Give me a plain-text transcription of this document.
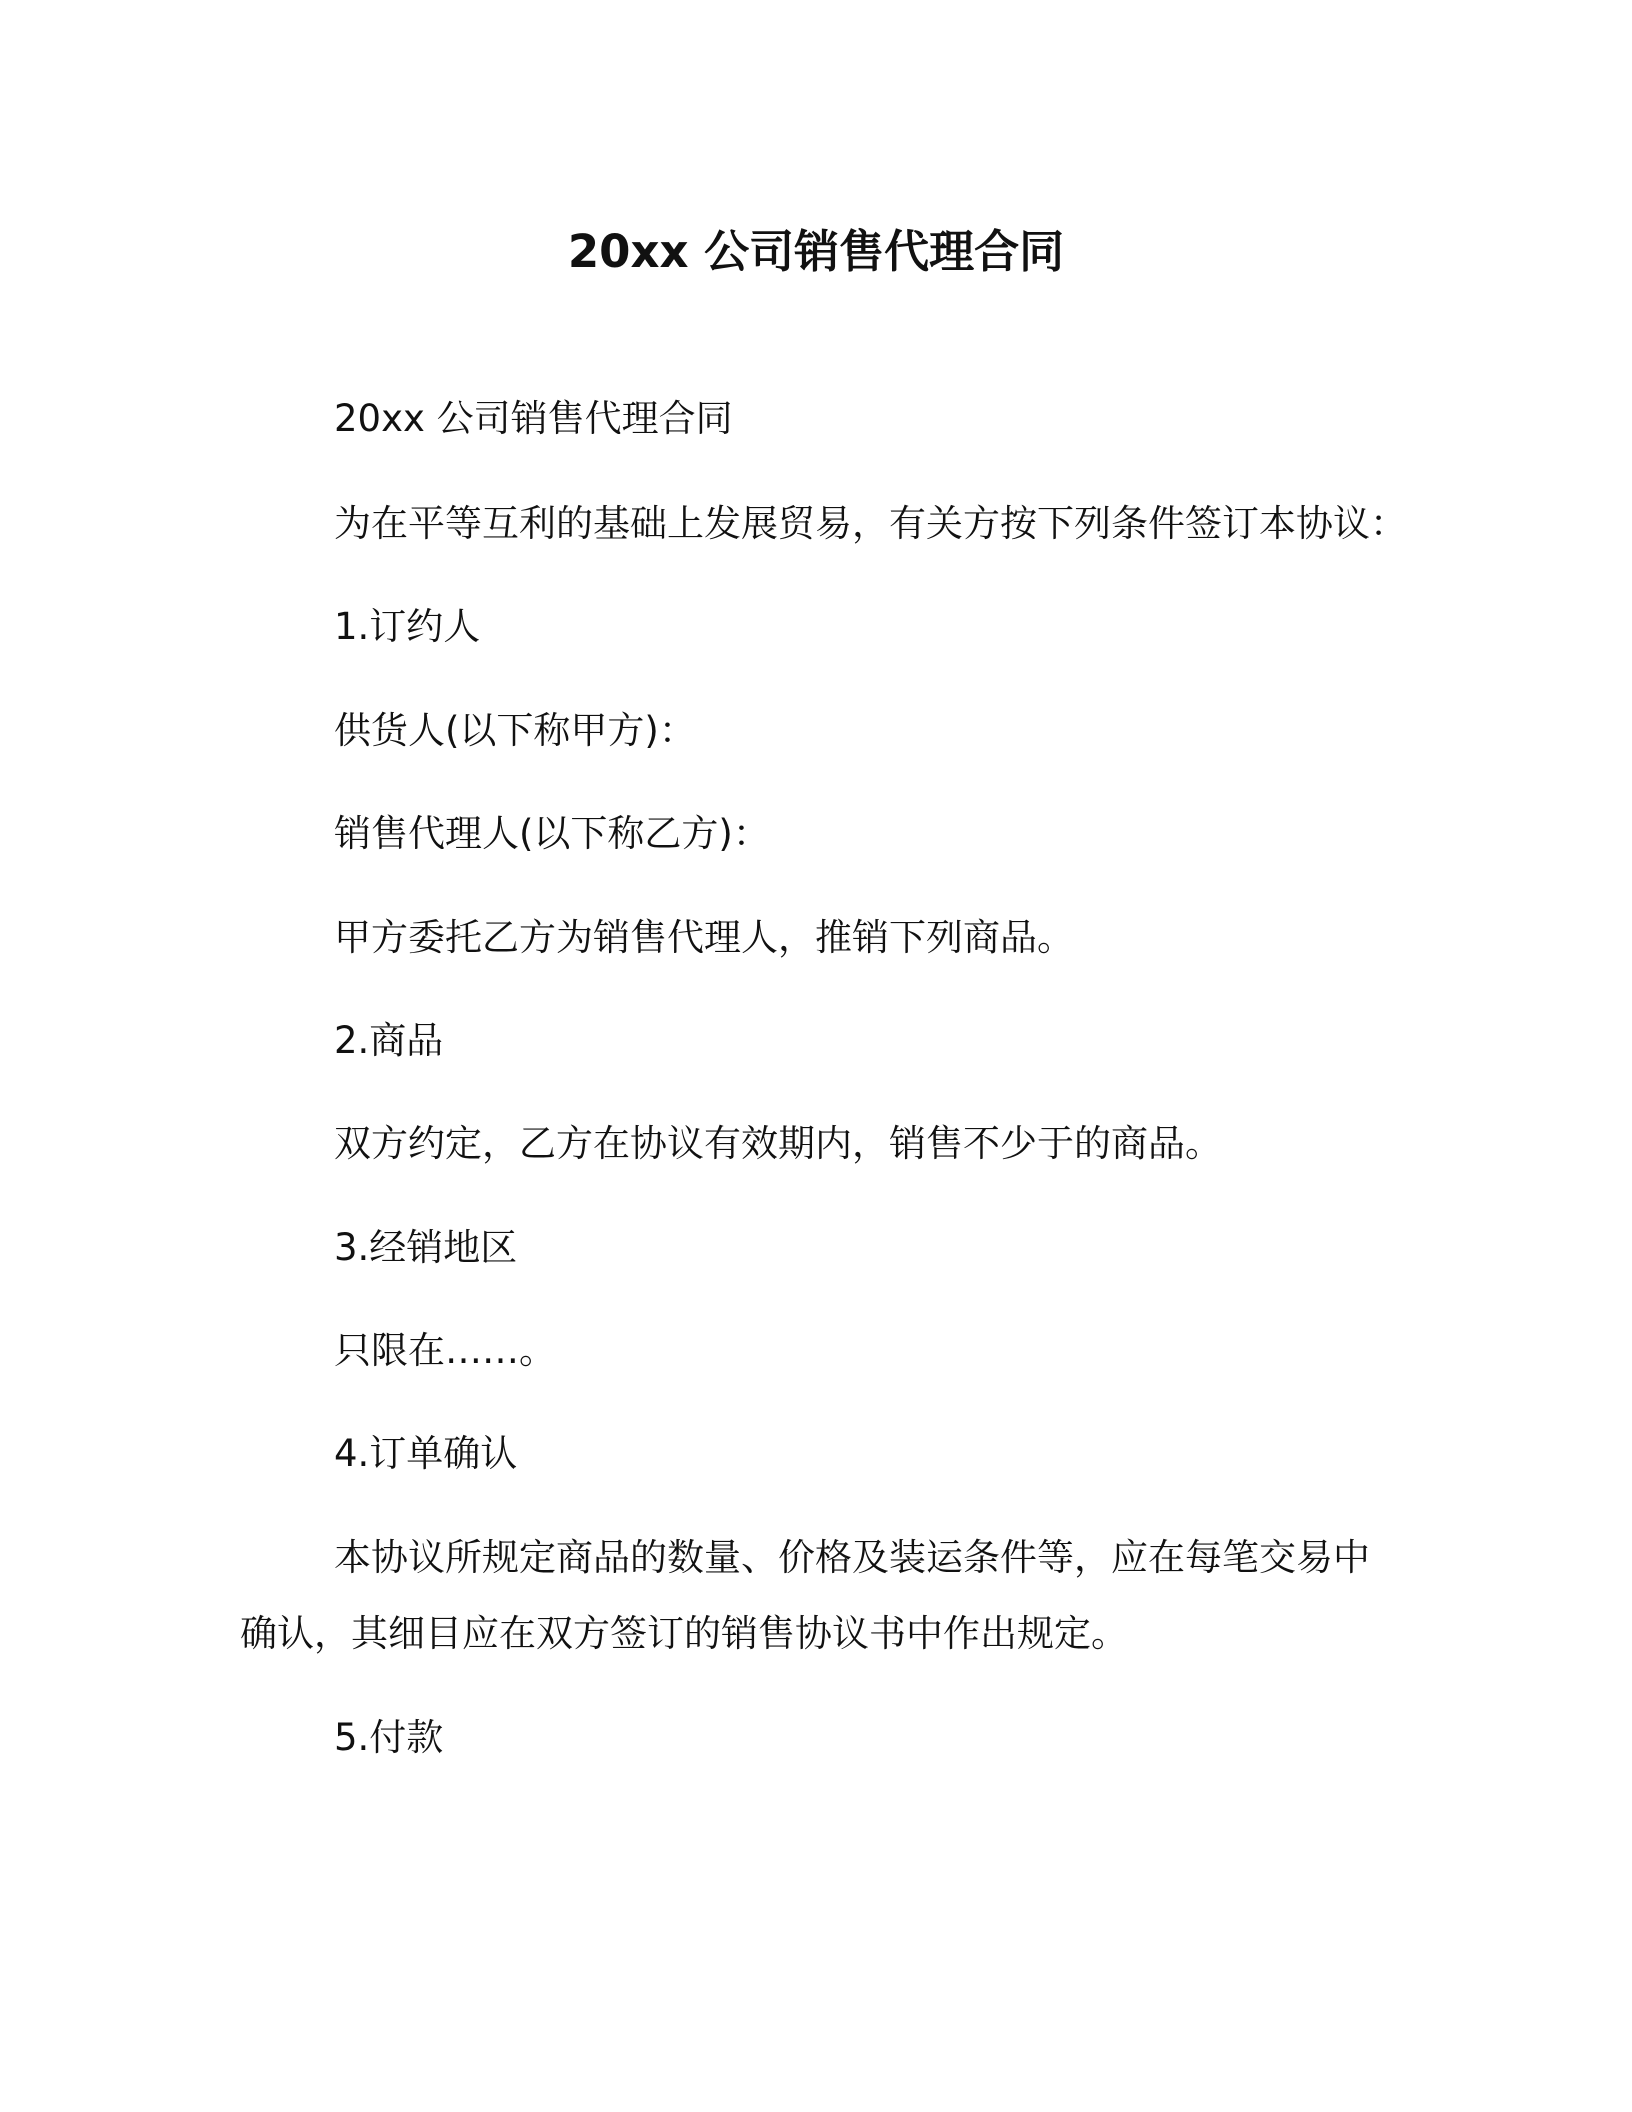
20xx 公司销售代理合同
20xx 公司销售代理合同
为在平等互利的基础上发展贸易，有关方按下列条件签订本协议：
1.订约人
供货人(以下称甲方)：
销售代理人(以下称乙方)：
甲方委托乙方为销售代理人，推销下列商品。
2.商品
双方约定，乙方在协议有效期内，销售不少于的商品。
3.经销地区
只限在……。
4.订单确认
本协议所规定商品的数量、价格及装运条件等，应在每笔交易中
确认，其细目应在双方签订的销售协议书中作出规定。
5.付款
